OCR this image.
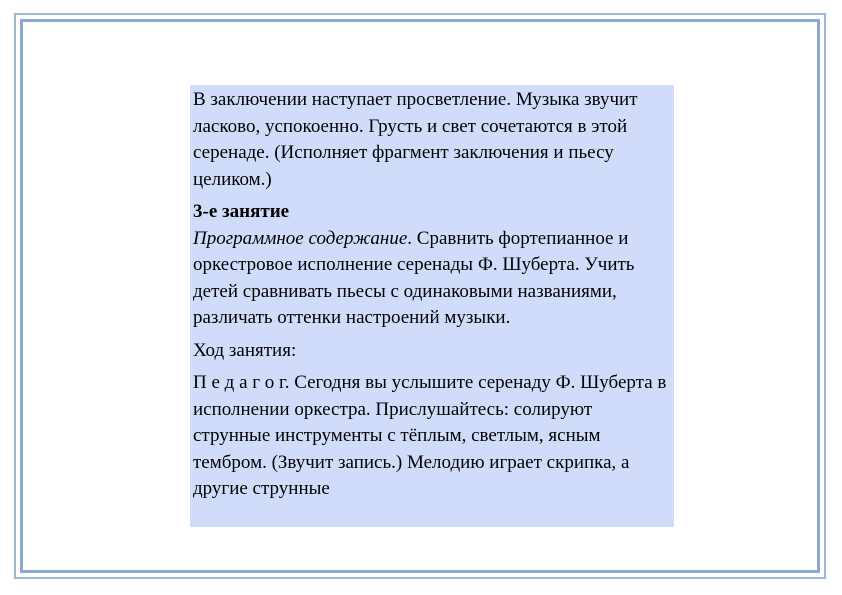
В заключении наступает просветление. Музыка звучит ласково, успокоенно. Грусть и свет сочетаются в этой серенаде. (Исполняет фрагмент заключения и пьесу целиком.)

3-е занятие

Программное содержание. Сравнить фортепианное и оркестровое исполнение серенады Ф. Шуберта. Учить детей сравнивать пьесы с одинаковыми названиями, различать оттенки настроений музыки.

Ход занятия:

П е д а г о г. Сегодня вы услышите серенаду Ф. Шуберта в исполнении оркестра. Прислушайтесь: солируют струнные инструменты с тёплым, светлым, ясным тембром. (Звучит запись.) Мелодию играет скрипка, а другие струнные
